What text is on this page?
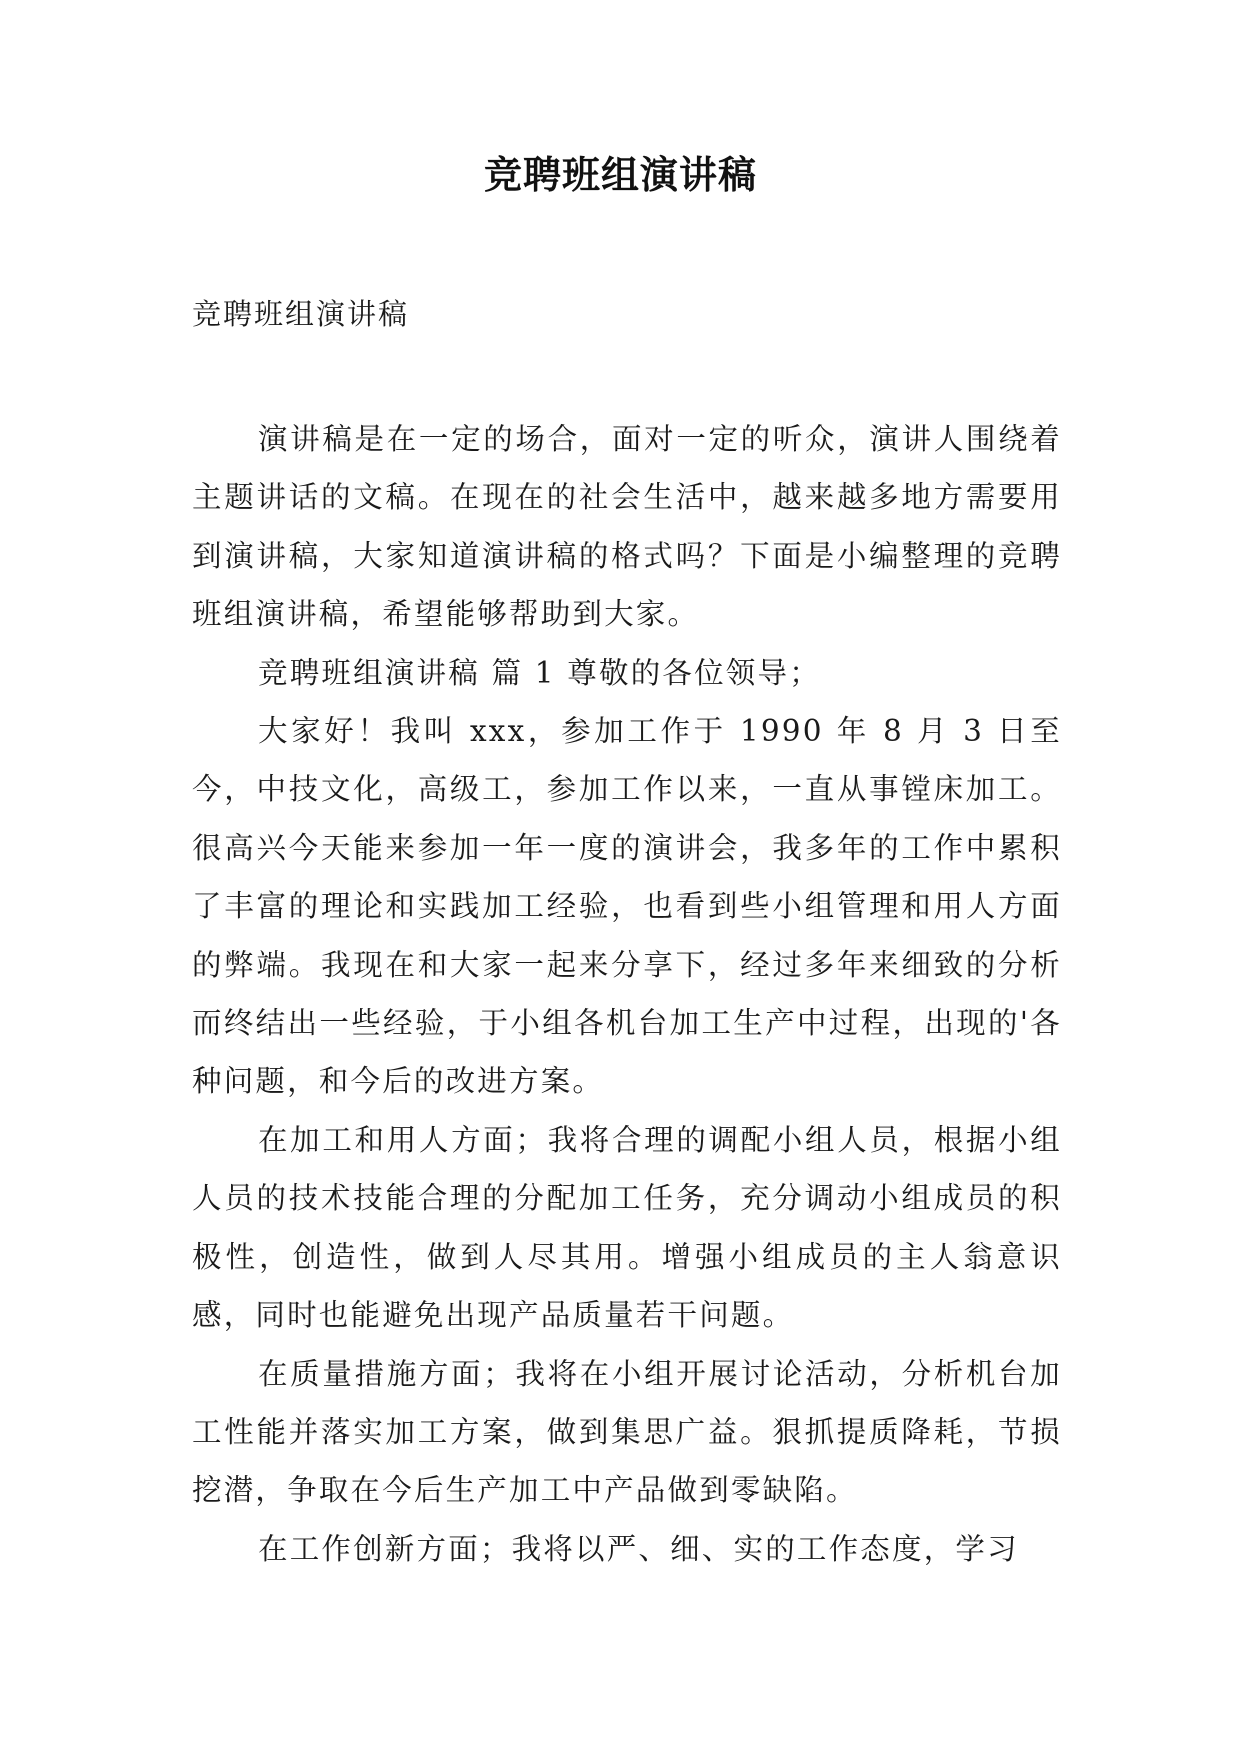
竞聘班组演讲稿
竞聘班组演讲稿

演讲稿是在一定的场合，面对一定的听众，演讲人围绕着主题讲话的文稿。在现在的社会生活中，越来越多地方需要用到演讲稿，大家知道演讲稿的格式吗？下面是小编整理的竞聘班组演讲稿，希望能够帮助到大家。

竞聘班组演讲稿 篇 1 尊敬的各位领导；

大家好！我叫 xxx，参加工作于 1990 年 8 月 3 日至今，中技文化，高级工，参加工作以来，一直从事镗床加工。很高兴今天能来参加一年一度的演讲会，我多年的工作中累积了丰富的理论和实践加工经验，也看到些小组管理和用人方面的弊端。我现在和大家一起来分享下，经过多年来细致的分析而终结出一些经验，于小组各机台加工生产中过程，出现的'各种问题，和今后的改进方案。

在加工和用人方面；我将合理的调配小组人员，根据小组人员的技术技能合理的分配加工任务，充分调动小组成员的积极性，创造性，做到人尽其用。增强小组成员的主人翁意识感，同时也能避免出现产品质量若干问题。

在质量措施方面；我将在小组开展讨论活动，分析机台加工性能并落实加工方案，做到集思广益。狠抓提质降耗，节损挖潜，争取在今后生产加工中产品做到零缺陷。

在工作创新方面；我将以严、细、实的工作态度，学习
